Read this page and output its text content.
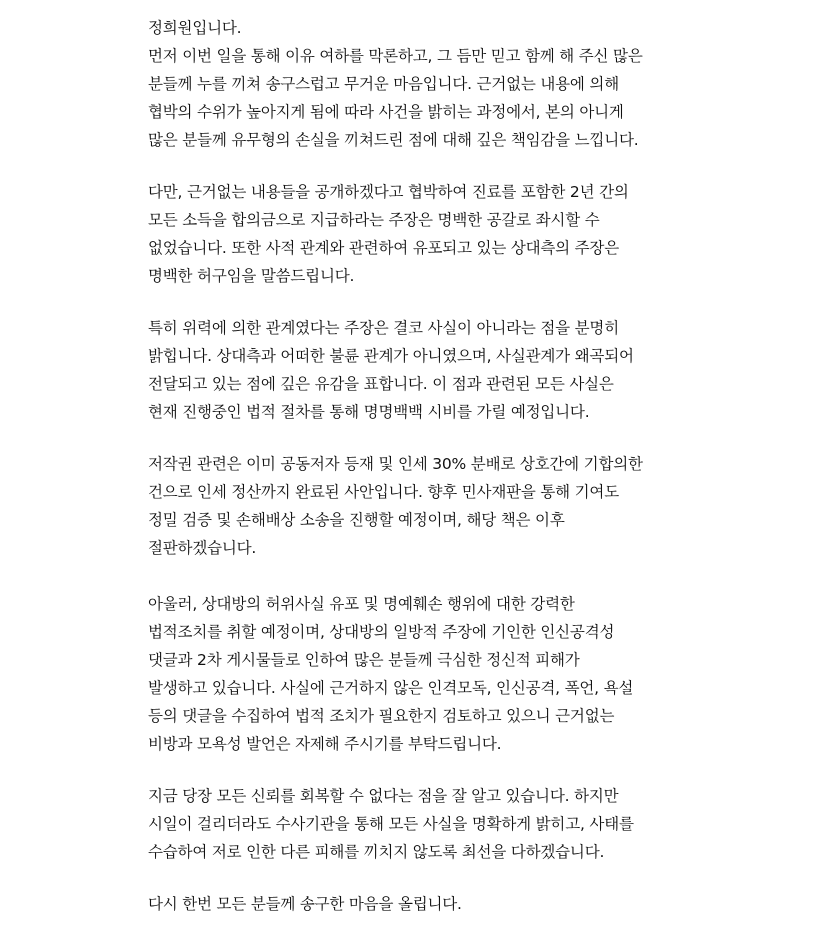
정희원입니다.
먼저 이번 일을 통해 이유 여하를 막론하고, 그 듬만 믿고 함께 해 주신 많은
분들께 누를 끼쳐 송구스럽고 무거운 마음입니다. 근거없는 내용에 의해
협박의 수위가 높아지게 됨에 따라 사건을 밝히는 과정에서, 본의 아니게
많은 분들께 유무형의 손실을 끼쳐드린 점에 대해 깊은 책임감을 느낍니다.
다만, 근거없는 내용들을 공개하겠다고 협박하여 진료를 포함한 2년 간의
모든 소득을 합의금으로 지급하라는 주장은 명백한 공갈로 좌시할 수
없었습니다. 또한 사적 관계와 관련하여 유포되고 있는 상대측의 주장은
명백한 허구임을 말씀드립니다.
특히 위력에 의한 관계였다는 주장은 결코 사실이 아니라는 점을 분명히
밝힙니다. 상대측과 어떠한 불륜 관계가 아니였으며, 사실관계가 왜곡되어
전달되고 있는 점에 깊은 유감을 표합니다. 이 점과 관련된 모든 사실은
현재 진행중인 법적 절차를 통해 명명백백 시비를 가릴 예정입니다.
저작권 관련은 이미 공동저자 등재 및 인세 30% 분배로 상호간에 기합의한
건으로 인세 정산까지 완료된 사안입니다. 향후 민사재판을 통해 기여도
정밀 검증 및 손해배상 소송을 진행할 예정이며, 해당 책은 이후
절판하겠습니다.
아울러, 상대방의 허위사실 유포 및 명예훼손 행위에 대한 강력한
법적조치를 취할 예정이며, 상대방의 일방적 주장에 기인한 인신공격성
댓글과 2차 게시물들로 인하여 많은 분들께 극심한 정신적 피해가
발생하고 있습니다. 사실에 근거하지 않은 인격모독, 인신공격, 폭언, 욕설
등의 댓글을 수집하여 법적 조치가 필요한지 검토하고 있으니 근거없는
비방과 모욕성 발언은 자제해 주시기를 부탁드립니다.
지금 당장 모든 신뢰를 회복할 수 없다는 점을 잘 알고 있습니다. 하지만
시일이 걸리더라도 수사기관을 통해 모든 사실을 명확하게 밝히고, 사태를
수습하여 저로 인한 다른 피해를 끼치지 않도록 최선을 다하겠습니다.
다시 한번 모든 분들께 송구한 마음을 올립니다.
